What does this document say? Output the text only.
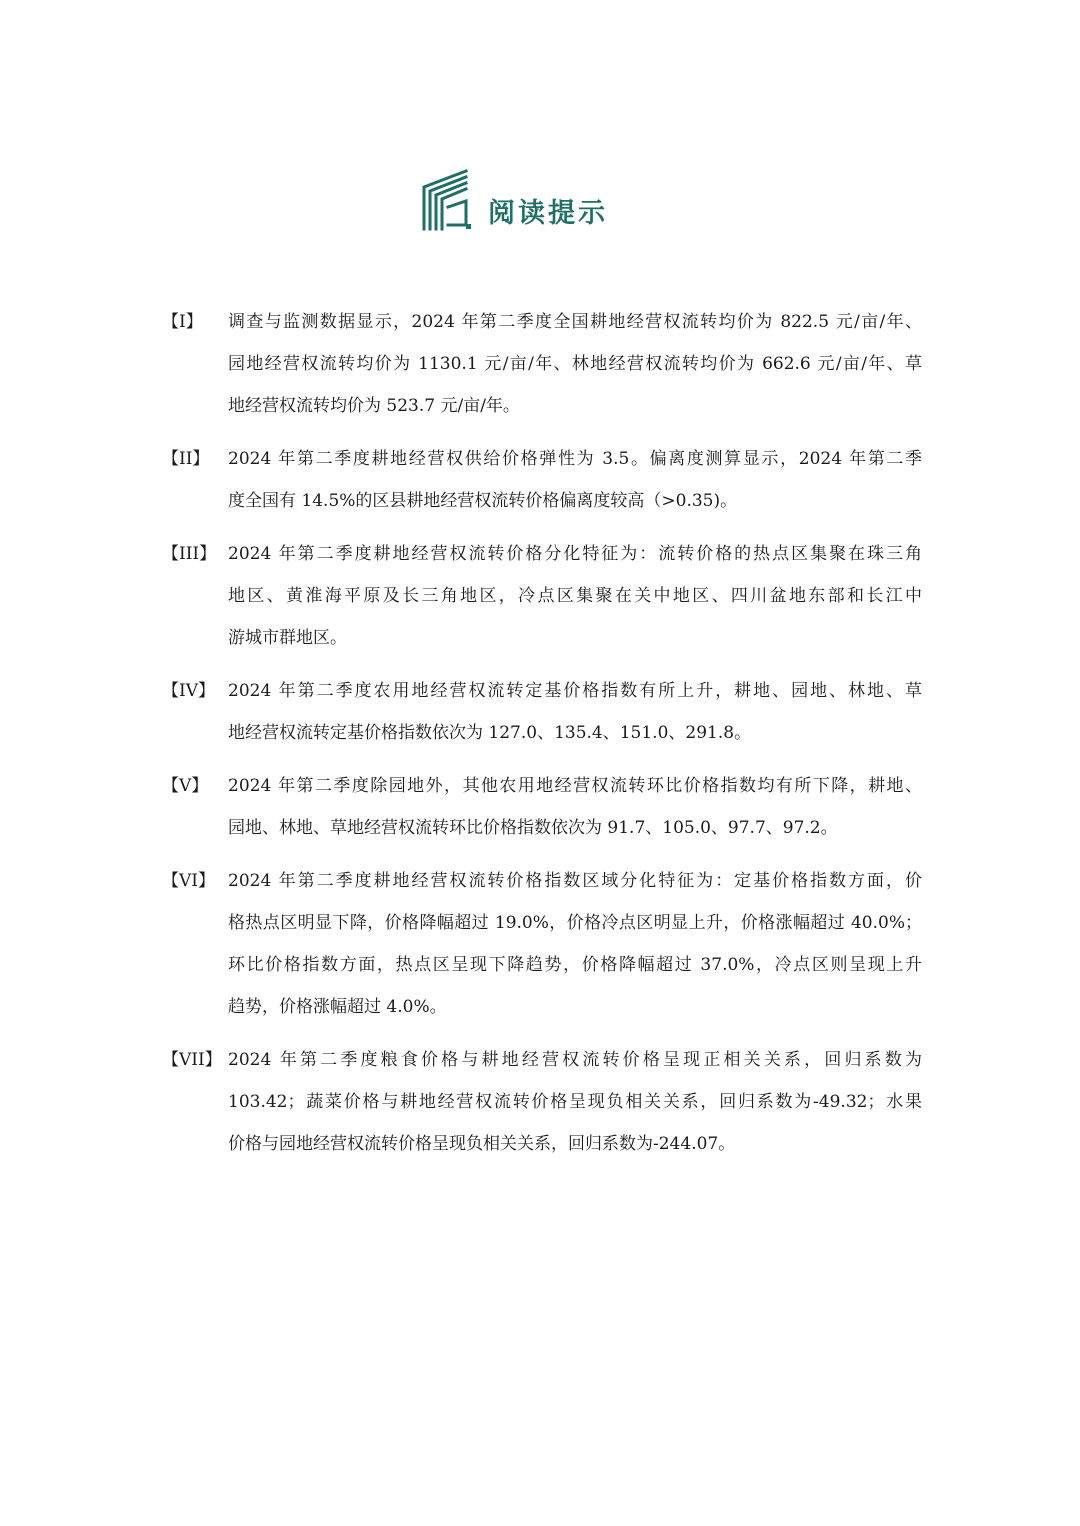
阅读提示
【I】	调查与监测数据显示，2024 年第二季度全国耕地经营权流转均价为 822.5 元/亩/年、
园地经营权流转均价为 1130.1 元/亩/年、林地经营权流转均价为 662.6 元/亩/年、草
地经营权流转均价为 523.7 元/亩/年。
【II】	2024 年第二季度耕地经营权供给价格弹性为 3.5。偏离度测算显示，2024 年第二季
度全国有 14.5%的区县耕地经营权流转价格偏离度较高（>0.35)。
【III】 2024 年第二季度耕地经营权流转价格分化特征为：流转价格的热点区集聚在珠三角
地区、黄淮海平原及长三角地区，冷点区集聚在关中地区、四川盆地东部和长江中
游城市群地区。
【IV】 2024 年第二季度农用地经营权流转定基价格指数有所上升，耕地、园地、林地、草
地经营权流转定基价格指数依次为 127.0、135.4、151.0、291.8。
【V】	2024 年第二季度除园地外，其他农用地经营权流转环比价格指数均有所下降，耕地、
园地、林地、草地经营权流转环比价格指数依次为 91.7、105.0、97.7、97.2。
【VI】 2024 年第二季度耕地经营权流转价格指数区域分化特征为：定基价格指数方面，价
格热点区明显下降，价格降幅超过 19.0%，价格冷点区明显上升，价格涨幅超过 40.0%；
环比价格指数方面，热点区呈现下降趋势，价格降幅超过 37.0%，冷点区则呈现上升
趋势，价格涨幅超过 4.0%。
【VII】 2024 年第二季度粮食价格与耕地经营权流转价格呈现正相关关系，回归系数为
103.42；蔬菜价格与耕地经营权流转价格呈现负相关关系，回归系数为-49.32；水果
价格与园地经营权流转价格呈现负相关关系，回归系数为-244.07。
